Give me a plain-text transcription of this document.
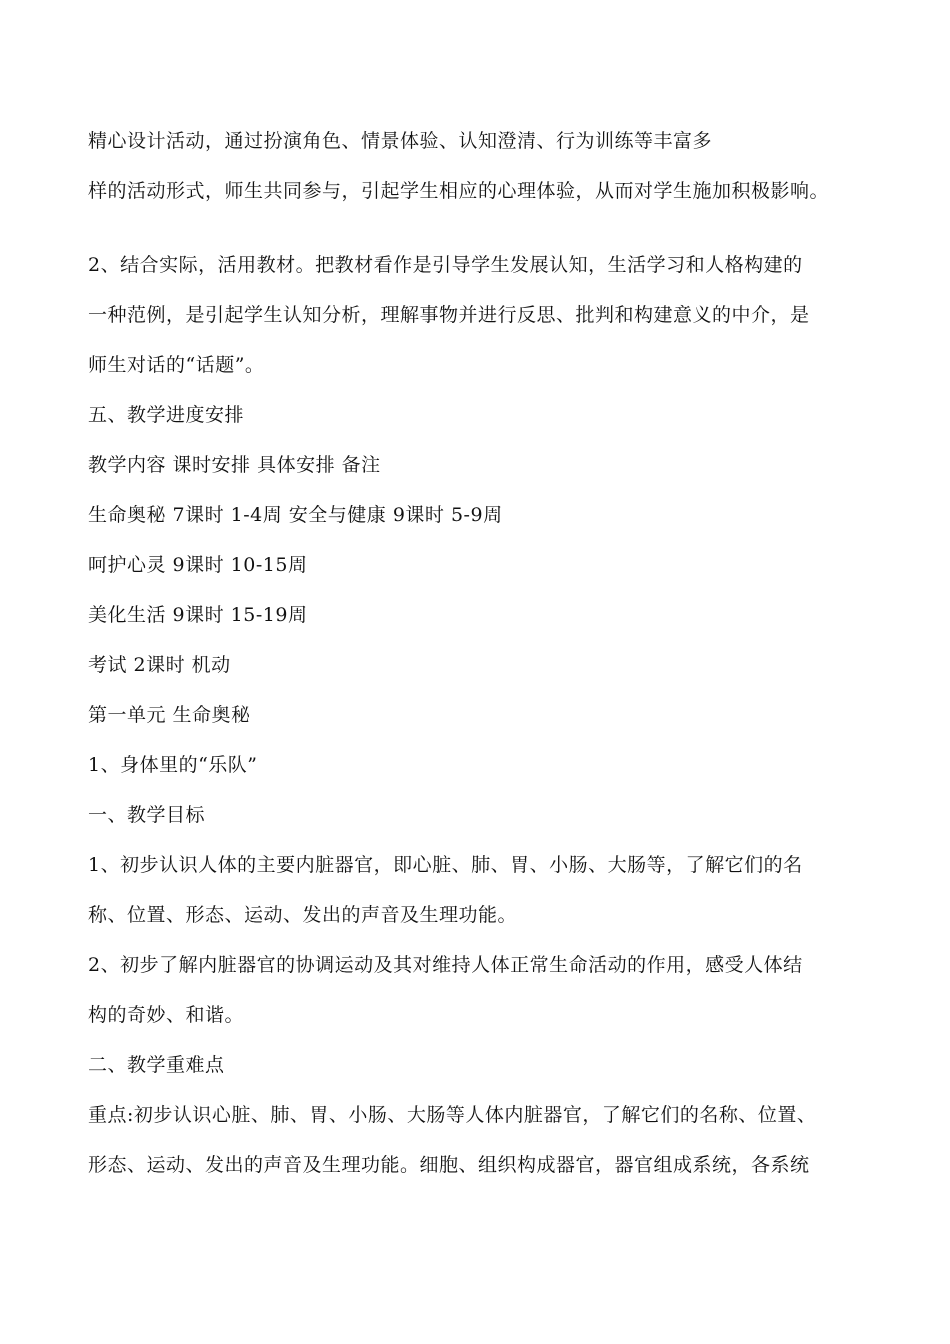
精心设计活动，通过扮演角色、情景体验、认知澄清、行为训练等丰富多
样的活动形式，师生共同参与，引起学生相应的心理体验，从而对学生施加积极影响。
2、结合实际，活用教材。把教材看作是引导学生发展认知，生活学习和人格构建的
一种范例，是引起学生认知分析，理解事物并进行反思、批判和构建意义的中介，是
师生对话的“话题”。
五、教学进度安排
教学内容 课时安排 具体安排 备注
生命奥秘 7课时 1-4周 安全与健康 9课时 5-9周
呵护心灵 9课时 10-15周
美化生活 9课时 15-19周
考试 2课时 机动
第一单元 生命奥秘
1、身体里的“乐队”
一、教学目标
1、初步认识人体的主要内脏器官，即心脏、肺、胃、小肠、大肠等，了解它们的名
称、位置、形态、运动、发出的声音及生理功能。
2、初步了解内脏器官的协调运动及其对维持人体正常生命活动的作用，感受人体结
构的奇妙、和谐。
二、教学重难点
重点:初步认识心脏、肺、胃、小肠、大肠等人体内脏器官，了解它们的名称、位置、
形态、运动、发出的声音及生理功能。细胞、组织构成器官，器官组成系统，各系统
